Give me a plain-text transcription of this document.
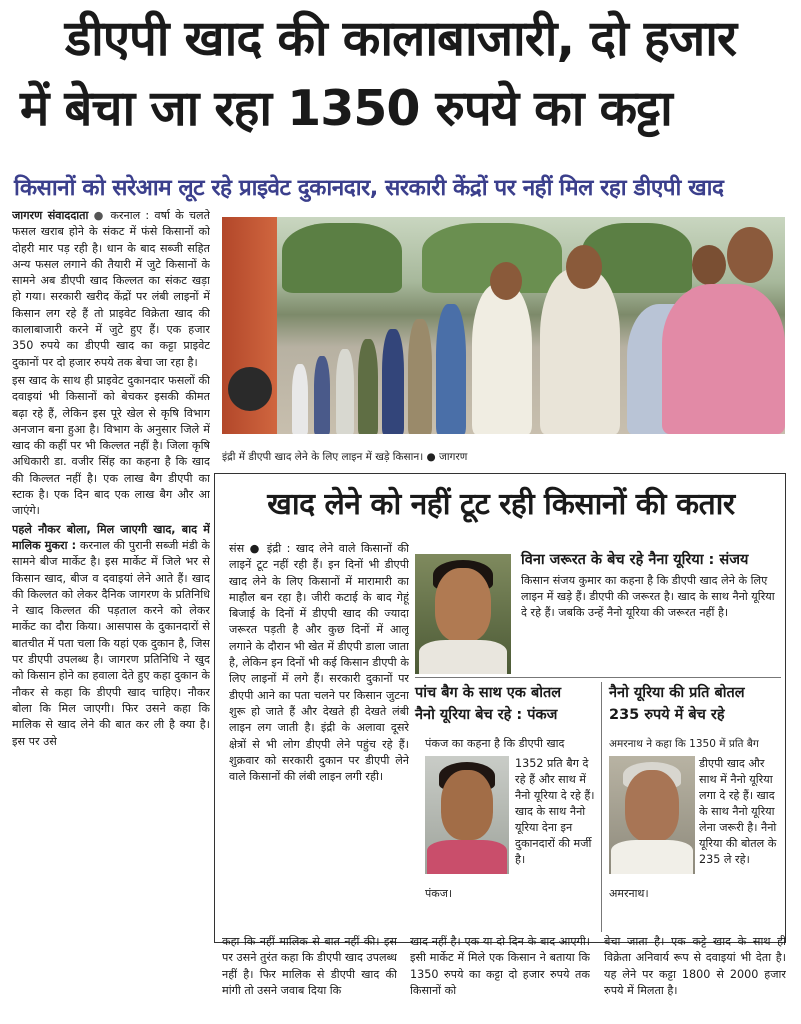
डीएपी खाद की कालाबाजारी, दो हजार
में बेचा जा रहा 1350 रुपये का कट्टा
किसानों को सरेआम लूट रहे प्राइवेट दुकानदार, सरकारी केंद्रों पर नहीं मिल रहा डीएपी खाद

जागरण संवाददाता ● करनाल : वर्षा के चलते फसल खराब होने के संकट में फंसे किसानों को दोहरी मार पड़ रही है। धान के बाद सब्जी सहित अन्य फसल लगाने की तैयारी में जुटे किसानों के सामने अब डीएपी खाद किल्लत का संकट खड़ा हो गया। सरकारी खरीद केंद्रों पर लंबी लाइनों में किसान लग रहे हैं तो प्राइवेट विक्रेता खाद की कालाबाजारी करने में जुटे हुए हैं। एक हजार 350 रुपये का डीएपी खाद का कट्टा प्राइवेट दुकानों पर दो हजार रुपये तक बेचा जा रहा है।

इस खाद के साथ ही प्राइवेट दुकानदार फसलों की दवाइयां भी किसानों को बेचकर इसकी कीमत बढ़ा रहे हैं, लेकिन इस पूरे खेल से कृषि विभाग अनजान बना हुआ है। विभाग के अनुसार जिले में खाद की कहीं पर भी किल्लत नहीं है। जिला कृषि अधिकारी डा. वजीर सिंह का कहना है कि खाद की किल्लत नहीं है। एक लाख बैग डीएपी का स्टाक है। एक दिन बाद एक लाख बैग और आ जाएंगे।

पहले नौकर बोला, मिल जाएगी खाद, बाद में मालिक मुकरा : करनाल की पुरानी सब्जी मंडी के सामने बीज मार्केट है। इस मार्केट में जिले भर से किसान खाद, बीज व दवाइयां लेने आते हैं। खाद की किल्लत को लेकर दैनिक जागरण के प्रतिनिधि ने खाद किल्लत की पड़ताल करने को लेकर मार्केट का दौरा किया। आसपास के दुकानदारों से बातचीत में पता चला कि यहां एक दुकान है, जिस पर डीएपी उपलब्ध है। जागरण प्रतिनिधि ने खुद को किसान होने का हवाला देते हुए कहा दुकान के नौकर से कहा कि डीएपी खाद चाहिए। नौकर बोला कि मिल जाएगी। फिर उसने कहा कि मालिक से खाद लेने की बात कर ली है क्या है। इस पर उसे

इंद्री में डीएपी खाद लेने के लिए लाइन में खड़े किसान। ● जागरण
खाद लेने को नहीं टूट रही किसानों की कतार
संस ● इंद्री : खाद लेने वाले किसानों की लाइनें टूट नहीं रही हैं। इन दिनों भी डीएपी खाद लेने के लिए किसानों में मारामारी का माहौल बन रहा है। जीरी कटाई के बाद गेहूं बिजाई के दिनों में डीएपी खाद की ज्यादा जरूरत पड़ती है और कुछ दिनों में आलू लगाने के दौरान भी खेत में डीएपी डाला जाता है, लेकिन इन दिनों भी कई किसान डीएपी के लिए लाइनों में लगे हैं। सरकारी दुकानों पर डीएपी आने का पता चलने पर किसान जुटना शुरू हो जाते हैं और देखते ही देखते लंबी लाइन लग जाती है। इंद्री के अलावा दूसरे क्षेत्रों से भी लोग डीएपी लेने पहुंच रहे हैं। शुक्रवार को सरकारी दुकान पर डीएपी लेने वाले किसानों की लंबी लाइन लगी रही।
विना जरूरत के बेच रहे नैना यूरिया : संजय
किसान संजय कुमार का कहना है कि डीएपी खाद लेने के लिए लाइन में खड़े हैं। डीएपी की जरूरत है। खाद के साथ नैनो यूरिया दे रहे हैं। जबकि उन्हें नैनो यूरिया की जरूरत नहीं है।
पांच बैग के साथ एक बोतल
नैनो यूरिया बेच रहे : पंकज
पंकज का कहना है कि डीएपी खाद
1352 प्रति बैग दे रहे हैं और साथ में नैनो यूरिया दे रहे हैं। खाद के साथ नैनो यूरिया देना इन दुकानदारों की मर्जी है।
पंकज।
नैनो यूरिया की प्रति बोतल
235 रुपये में बेच रहे
अमरनाथ ने कहा कि 1350 में प्रति बैग
डीएपी खाद और साथ में नैनो यूरिया लगा दे रहे हैं। खाद के साथ नैनो यूरिया लेना जरूरी है। नैनो यूरिया की बोतल के 235 ले रहे।
अमरनाथ।
कहा कि नहीं मालिक से बात नहीं की। इस पर उसने तुरंत कहा कि डीएपी खाद उपलब्ध नहीं है। फिर मालिक से डीएपी खाद की मांगी तो उसने जवाब दिया कि
खाद नहीं है। एक या दो दिन के बाद आएगी। इसी मार्केट में मिले एक किसान ने बताया कि 1350 रुपये का कट्टा दो हजार रुपये तक किसानों को
बेचा जाता है। एक कट्टे खाद के साथ ही विक्रेता अनिवार्य रूप से दवाइयां भी देता है। यह लेने पर कट्टा 1800 से 2000 हजार रुपये में मिलता है।
